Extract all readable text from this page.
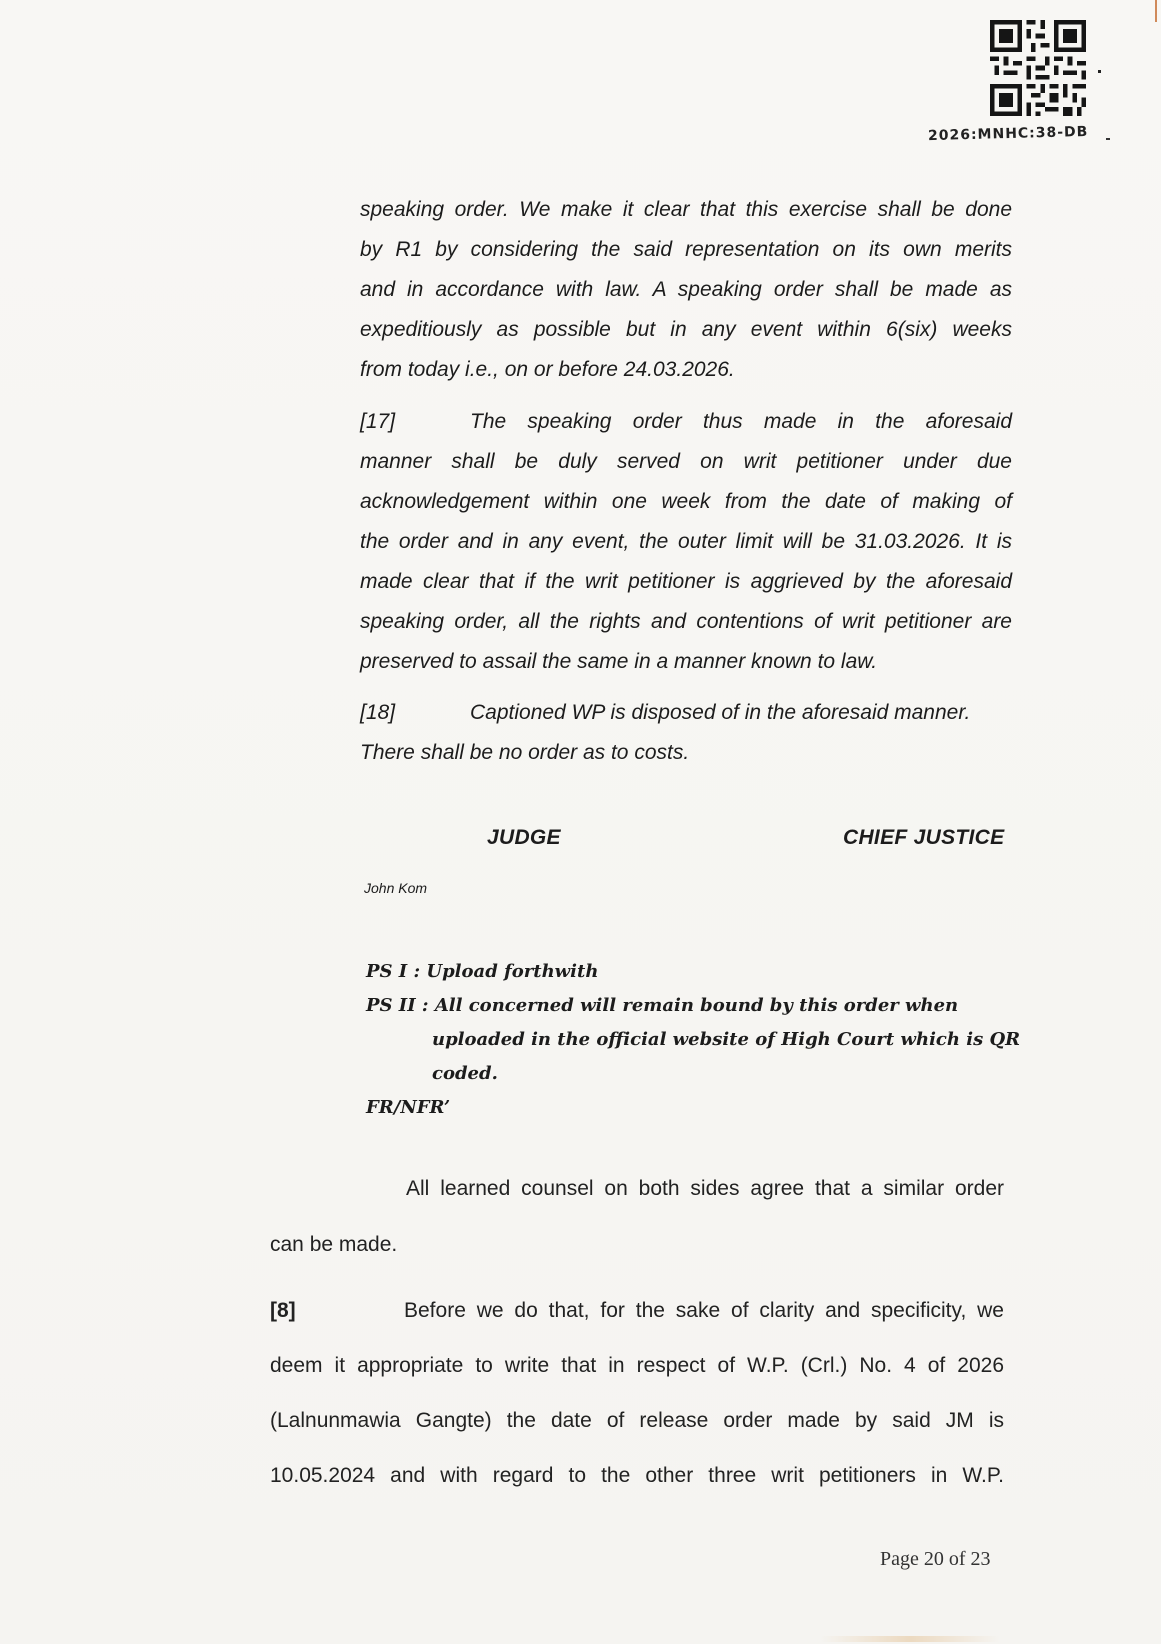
2026:MNHC:38-DB
speaking order. We make it clear that this exercise shall be done
by R1 by considering the said representation on its own merits
and in accordance with law. A speaking order shall be made as
expeditiously as possible but in any event within 6(six) weeks
from today i.e., on or before 24.03.2026.
[17]	The speaking order thus made in the aforesaid
manner shall be duly served on writ petitioner under due
acknowledgement within one week from the date of making of
the order and in any event, the outer limit will be 31.03.2026. It is
made clear that if the writ petitioner is aggrieved by the aforesaid
speaking order, all the rights and contentions of writ petitioner are
preserved to assail the same in a manner known to law.
[18]	Captioned WP is disposed of in the aforesaid manner.
There shall be no order as to costs.
JUDGE	CHIEF JUSTICE
John Kom
PS I : Upload forthwith
PS II : All concerned will remain bound by this order when
uploaded in the official website of High Court which is QR
coded.
FR/NFR’
All learned counsel on both sides agree that a similar order
can be made.
[8]	Before we do that, for the sake of clarity and specificity, we
deem it appropriate to write that in respect of W.P. (Crl.) No. 4 of 2026
(Lalnunmawia Gangte) the date of release order made by said JM is
10.05.2024 and with regard to the other three writ petitioners in W.P.
Page 20 of 23
